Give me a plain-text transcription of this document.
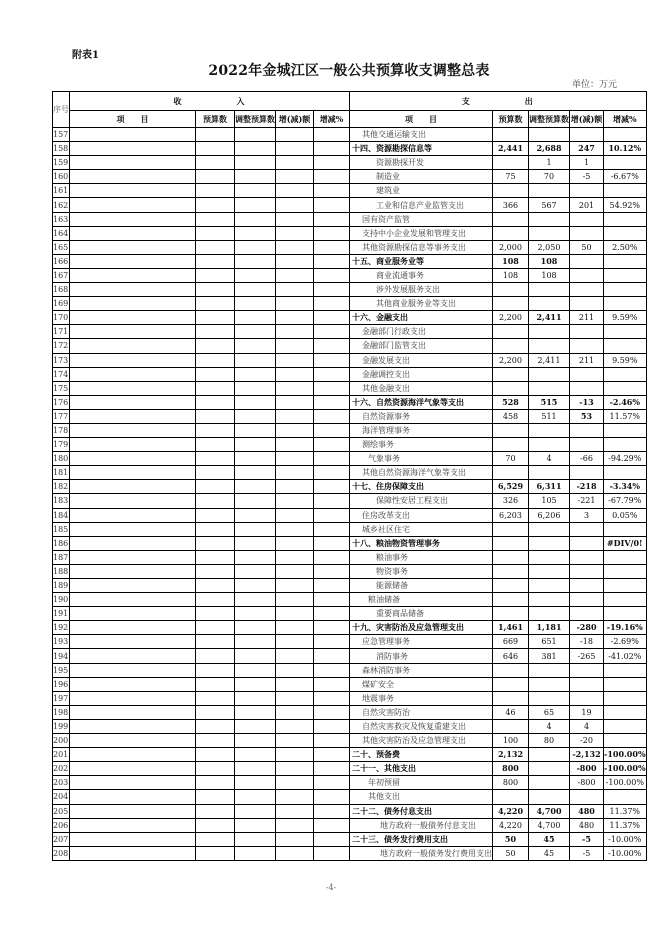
附表1
2022年金城江区一般公共预算收支调整总表
单位：万元
序号	收　　　　　　入					支　　　　　　出				
	项　　目	预算数	调整预算数	增(减)额	增减%	项　　目	预算数	调整预算数	增(减)额	增减%
157						其他交通运输支出				
158						十四、资源勘探信息等	2,441	2,688	247	10.12%
159						资源勘探开发		1	1	
160						制造业	75	70	-5	-6.67%
161						建筑业				
162						工业和信息产业监管支出	366	567	201	54.92%
163						国有资产监管				
164						支持中小企业发展和管理支出				
165						其他资源勘探信息等事务支出	2,000	2,050	50	2.50%
166						十五、商业服务业等	108	108		
167						商业流通事务	108	108		
168						涉外发展服务支出				
169						其他商业服务业等支出				
170						十六、金融支出	2,200	2,411	211	9.59%
171						金融部门行政支出				
172						金融部门监管支出				
173						金融发展支出	2,200	2,411	211	9.59%
174						金融调控支出				
175						其他金融支出				
176						十六、自然资源海洋气象等支出	528	515	-13	-2.46%
177						自然资源事务	458	511	53	11.57%
178						海洋管理事务				
179						测绘事务				
180						气象事务	70	4	-66	-94.29%
181						其他自然资源海洋气象等支出				
182						十七、住房保障支出	6,529	6,311	-218	-3.34%
183						保障性安居工程支出	326	105	-221	-67.79%
184						住房改革支出	6,203	6,206	3	0.05%
185						城乡社区住宅				
186						十八、粮油物资管理事务				#DIV/0!
187						粮油事务				
188						物资事务				
189						能源储备				
190						粮油储备				
191						重要商品储备				
192						十九、灾害防治及应急管理支出	1,461	1,181	-280	-19.16%
193						应急管理事务	669	651	-18	-2.69%
194						消防事务	646	381	-265	-41.02%
195						森林消防事务				
196						煤矿安全				
197						地震事务				
198						自然灾害防治	46	65	19	
199						自然灾害救灾及恢复重建支出		4	4	
200						其他灾害防治及应急管理支出	100	80	-20	
201						二十、预备费	2,132		-2,132	-100.00%
202						二十一、其他支出	800		-800	-100.00%
203						年初预留	800		-800	-100.00%
204						其他支出				
205						二十二、债务付息支出	4,220	4,700	480	11.37%
206						地方政府一般债务付息支出	4,220	4,700	480	11.37%
207						二十三、债务发行费用支出	50	45	-5	-10.00%
208						地方政府一般债务发行费用支出	50	45	-5	-10.00%
-4-
